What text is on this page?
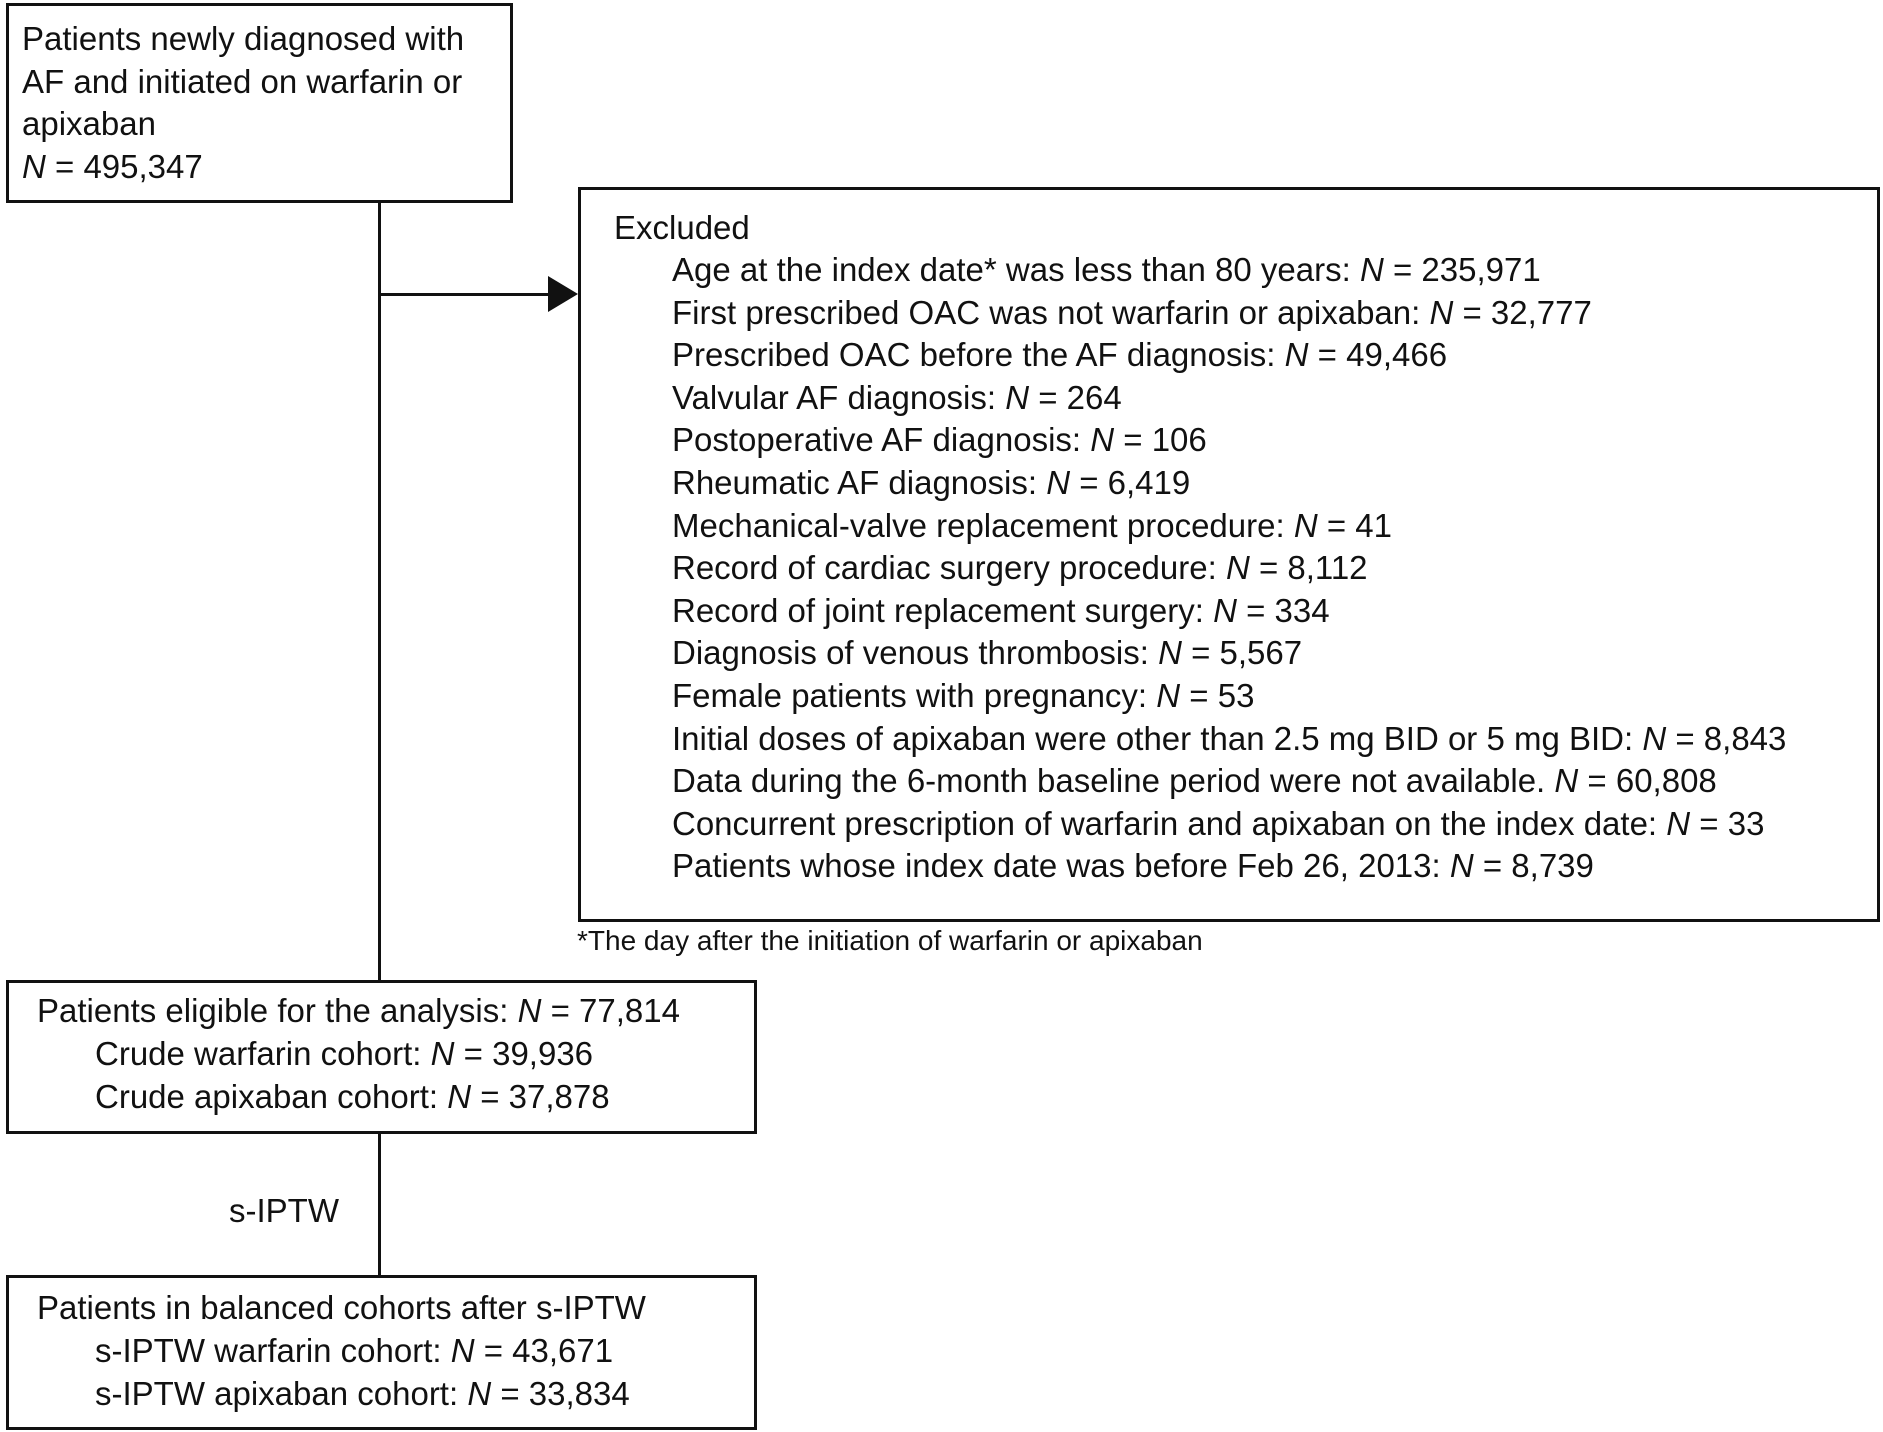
Patients newly diagnosed with
AF and initiated on warfarin or
apixaban
N = 495,347
Excluded
Age at the index date* was less than 80 years: N = 235,971
First prescribed OAC was not warfarin or apixaban: N = 32,777
Prescribed OAC before the AF diagnosis: N = 49,466
Valvular AF diagnosis: N = 264
Postoperative AF diagnosis: N = 106
Rheumatic AF diagnosis: N = 6,419
Mechanical-valve replacement procedure: N = 41
Record of cardiac surgery procedure: N = 8,112
Record of joint replacement surgery: N = 334
Diagnosis of venous thrombosis: N = 5,567
Female patients with pregnancy: N = 53
Initial doses of apixaban were other than 2.5 mg BID or 5 mg BID: N = 8,843
Data during the 6-month baseline period were not available. N = 60,808
Concurrent prescription of warfarin and apixaban on the index date: N = 33
Patients whose index date was before Feb 26, 2013: N = 8,739
*The day after the initiation of warfarin or apixaban
Patients eligible for the analysis: N = 77,814
Crude warfarin cohort: N = 39,936
Crude apixaban cohort: N = 37,878
s-IPTW
Patients in balanced cohorts after s-IPTW
s-IPTW warfarin cohort: N = 43,671
s-IPTW apixaban cohort: N = 33,834
